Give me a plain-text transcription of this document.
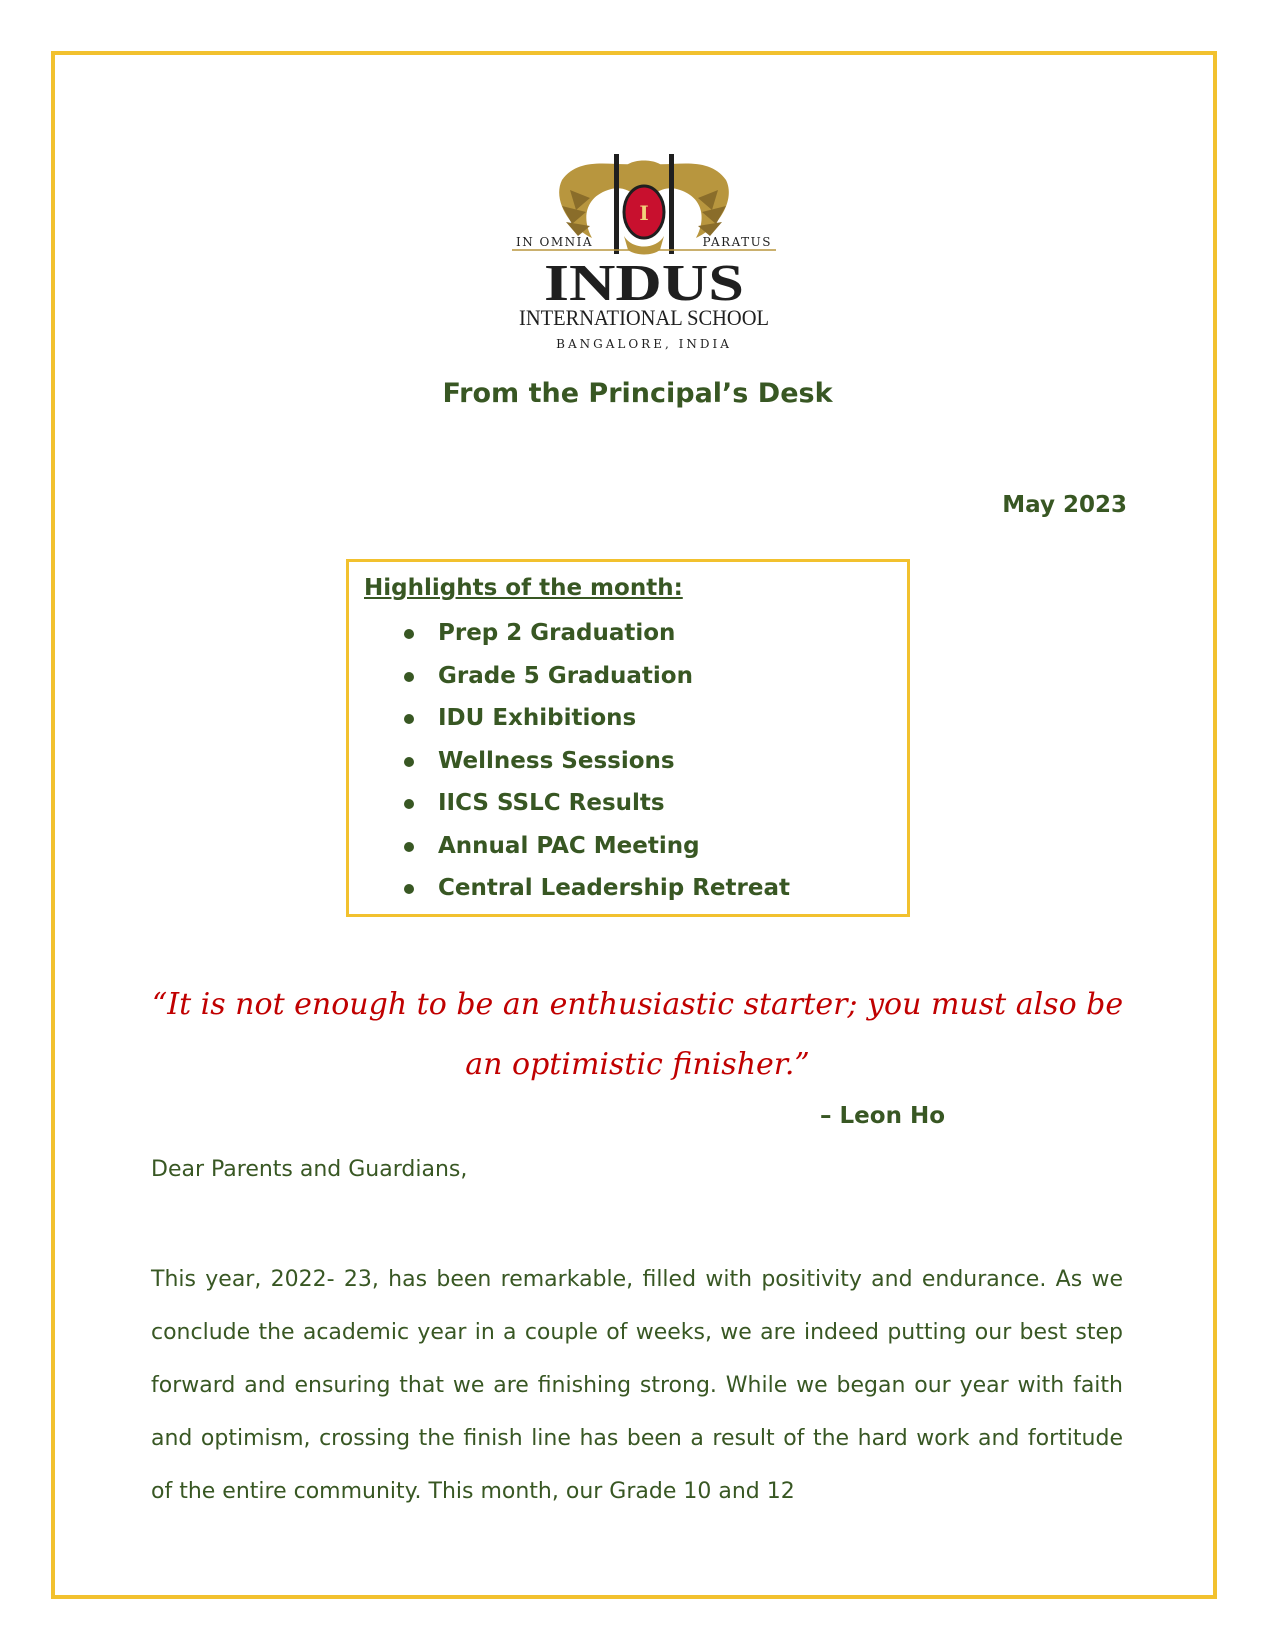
I
IN OMNIA	PARATUS
INDUS
INTERNATIONAL SCHOOL
BANGALORE, INDIA
From the Principal’s Desk
May 2023
Highlights of the month:
Prep 2 Graduation
Grade 5 Graduation
IDU Exhibitions
Wellness Sessions
IICS SSLC Results
Annual PAC Meeting
Central Leadership Retreat

“It is not enough to be an enthusiastic starter; you must also be an optimistic finisher.”

– Leon Ho
Dear Parents and Guardians,

This year, 2022- 23, has been remarkable, filled with positivity and endurance. As we conclude the academic year in a couple of weeks, we are indeed putting our best step forward and ensuring that we are finishing strong. While we began our year with faith and optimism, crossing the finish line has been a result of the hard work and fortitude of the entire community. This month, our Grade 10 and 12
